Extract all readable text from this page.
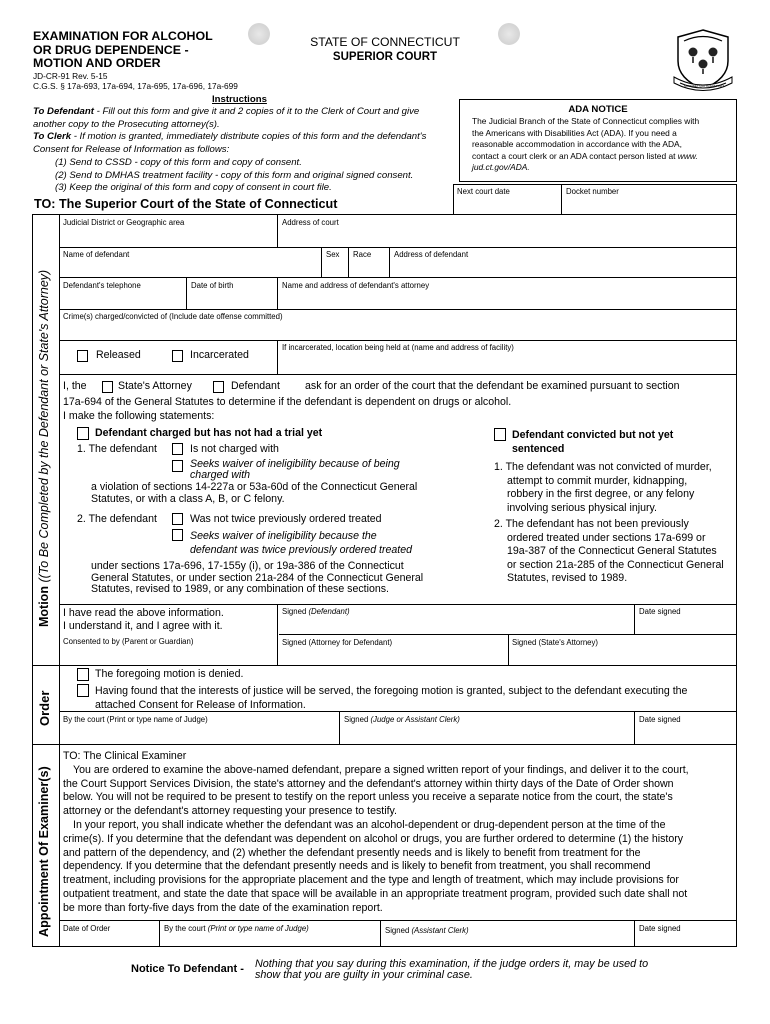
EXAMINATION FOR ALCOHOL
OR DRUG DEPENDENCE -
MOTION AND ORDER
JD-CR-91 Rev. 5-15
C.G.S. § 17a-693, 17a-694, 17a-695, 17a-696, 17a-699
STATE OF CONNECTICUT
SUPERIOR COURT
SUSTINET QUI TRANSTULIT
Instructions
To Defendant - Fill out this form and give it and 2 copies of it to the Clerk of Court and give
another copy to the Prosecuting attorney(s).
To Clerk - If motion is granted, immediately distribute copies of this form and the defendant's
Consent for Release of Information as follows:
(1) Send to CSSD - copy of this form and copy of consent.
(2) Send to DMHAS treatment facility - copy of this form and original signed consent.
(3) Keep the original of this form and copy of consent in court file.
ADA NOTICE
The Judicial Branch of the State of Connecticut complies with
the Americans with Disabilities Act (ADA). If you need a
reasonable accommodation in accordance with the ADA,
contact a court clerk or an ADA contact person listed at www.
jud.ct.gov/ADA.
Next court date	Docket number
TO: The Superior Court of the State of Connecticut
Motion ((To Be Completed by the Defendant or State's Attorney)
Order
Appointment Of Examiner(s)
Judicial District or Geographic area	Address of court
Name of defendant	Sex Race	Address of defendant
Defendant's telephone	Date of birth	Name and address of defendant's attorney
Crime(s) charged/convicted of (Include date offense committed)
Released	Incarcerated
If incarcerated, location being held at (name and address of facility)
I, the	State's Attorney	Defendant ask for an order of the court that the defendant be examined pursuant to section
17a-694 of the General Statutes to determine if the defendant is dependent on drugs or alcohol.
I make the following statements:
Defendant charged but has not had a trial yet
1. The defendant	Is not charged with
Seeks waiver of ineligibility because of being
charged with
a violation of sections 14-227a or 53a-60d of the Connecticut General
Statutes, or with a class A, B, or C felony.
2. The defendant	Was not twice previously ordered treated
Seeks waiver of ineligibility because the
defendant was twice previously ordered treated
under sections 17a-696, 17-155y (i), or 19a-386 of the Connecticut
General Statutes, or under section 21a-284 of the Connecticut General
Statutes, revised to 1989, or any combination of these sections.
Defendant convicted but not yet
sentenced
1. The defendant was not convicted of murder,
attempt to commit murder, kidnapping,
robbery in the first degree, or any felony
involving serious physical injury.
2. The defendant has not been previously
ordered treated under sections 17a-699 or
19a-387 of the Connecticut General Statutes
or section 21a-285 of the Connecticut General
Statutes, revised to 1989.
I have read the above information.
I understand it, and I agree with it.
Signed (Defendant)	Date signed
Consented to by (Parent or Guardian)	Signed (Attorney for Defendant)	Signed (State's Attorney)
The foregoing motion is denied.
Having found that the interests of justice will be served, the foregoing motion is granted, subject to the defendant executing the
attached Consent for Release of Information.
By the court (Print or type name of Judge)	Signed (Judge or Assistant Clerk)	Date signed
TO: The Clinical Examiner
You are ordered to examine the above-named defendant, prepare a signed written report of your findings, and deliver it to the court,
the Court Support Services Division, the state's attorney and the defendant's attorney within thirty days of the Date of Order shown
below. You will not be required to be present to testify on the report unless you receive a separate notice from the court, the state's
attorney or the defendant's attorney requesting your presence to testify.
In your report, you shall indicate whether the defendant was an alcohol-dependent or drug-dependent person at the time of the
crime(s). If you determine that the defendant was dependent on alcohol or drugs, you are further ordered to determine (1) the history
and pattern of the dependency, and (2) whether the defendant presently needs and is likely to benefit from treatment for the
dependency. If you determine that the defendant presently needs and is likely to benefit from treatment, you shall recommend
treatment, including provisions for the appropriate placement and the type and length of treatment, which may include provisions for
outpatient treatment, and state the date that space will be available in an appropriate treatment program, provided such date shall not
be more than forty-five days from the date of the examination report.
Date of Order	By the court (Print or type name of Judge)	Signed (Assistant Clerk)	Date signed
Notice To Defendant - Nothing that you say during this examination, if the judge orders it, may be used to
show that you are guilty in your criminal case.
